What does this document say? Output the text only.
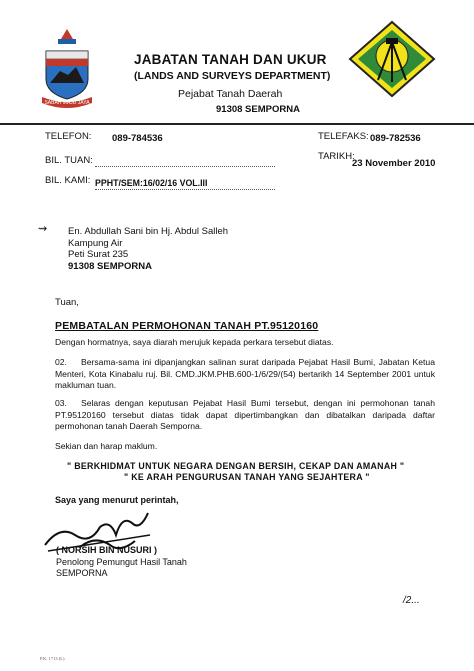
SABAH MAJU JAYA
JABATAN TANAH DAN UKUR
(LANDS AND SURVEYS DEPARTMENT)
Pejabat Tanah Daerah
91308 SEMPORNA
TELEFON: 089-784536	TELEFAKS: 089-782536
BIL. TUAN:	TARIKH:
23 November 2010
BIL. KAMI: PPHT/SEM:16/02/16 VOL.III
⇝ En. Abdullah Sani bin Hj. Abdul Salleh
Kampung Air
Peti Surat 235
91308 SEMPORNA
Tuan,
PEMBATALAN PERMOHONAN TANAH PT.95120160
Dengan hormatnya, saya diarah merujuk kepada perkara tersebut diatas.
02. Bersama-sama ini dipanjangkan salinan surat daripada Pejabat Hasil Bumi, Jabatan Ketua Menteri, Kota Kinabalu ruj. Bil. CMD.JKM.PHB.600-1/6/29/(54) bertarikh 14 September 2001 untuk makluman tuan.
03. Selaras dengan keputusan Pejabat Hasil Bumi tersebut, dengan ini permohonan tanah PT.95120160 tersebut diatas tidak dapat dipertimbangkan dan dibatalkan daripada daftar permohonan tanah Daerah Semporna.
Sekian dan harap maklum.
" BERKHIDMAT UNTUK NEGARA DENGAN BERSIH, CEKAP DAN AMANAH "
" KE ARAH PENGURUSAN TANAH YANG SEJAHTERA "
Saya yang menurut perintah,
( NORSIH BIN NUSURI )
Penolong Pemungut Hasil Tanah
SEMPORNA
/2...
P.K. 1713 (L)
